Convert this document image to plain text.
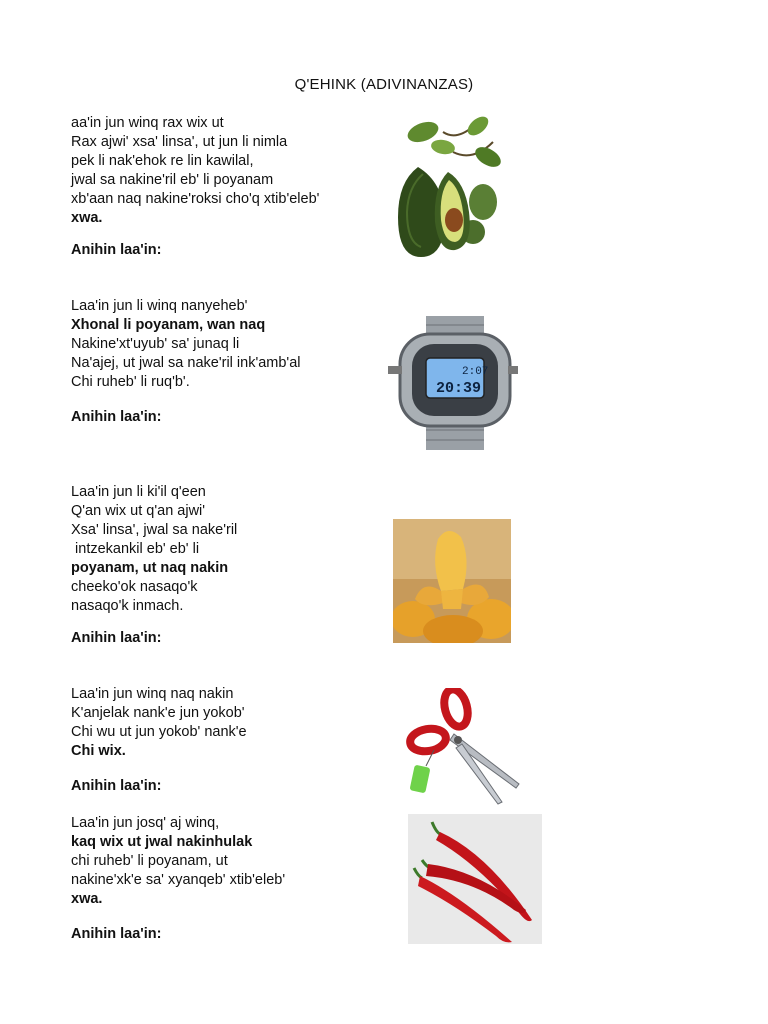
Q'EHINK (ADIVINANZAS)
aa'in jun winq rax wix ut
Rax ajwi' xsa' linsa', ut jun li nimla
pek li nak'ehok re lin kawilal,
jwal sa nakine'ril eb' li poyanam
xb'aan naq nakine'roksi cho'q xtib'eleb'
xwa.
Anihin laa'in:
Laa'in jun li winq nanyeheb'
Xhonal li poyanam, wan naq
Nakine'xt'uyub' sa' junaq li
Na'ajej, ut jwal sa nake'ril ink'amb'al
Chi ruheb' li ruq'b'.
Anihin laa'in:
Laa'in jun li ki'il q'een
Q'an wix ut q'an ajwi'
Xsa' linsa', jwal sa nake'ril
intzekankil eb' eb' li
poyanam, ut naq nakin
cheeko'ok nasaqo'k
nasaqo'k inmach.
Anihin laa'in:
Laa'in jun winq naq nakin
K'anjelak nank'e jun yokob'
Chi wu ut jun yokob' nank'e
Chi wix.
Anihin laa'in:
Laa'in jun josq' aj winq,
kaq wix ut jwal nakinhulak
chi ruheb' li poyanam, ut
nakine'xk'e sa' xyanqeb' xtib'eleb'
xwa.
Anihin laa'in:
2:07
20:39
